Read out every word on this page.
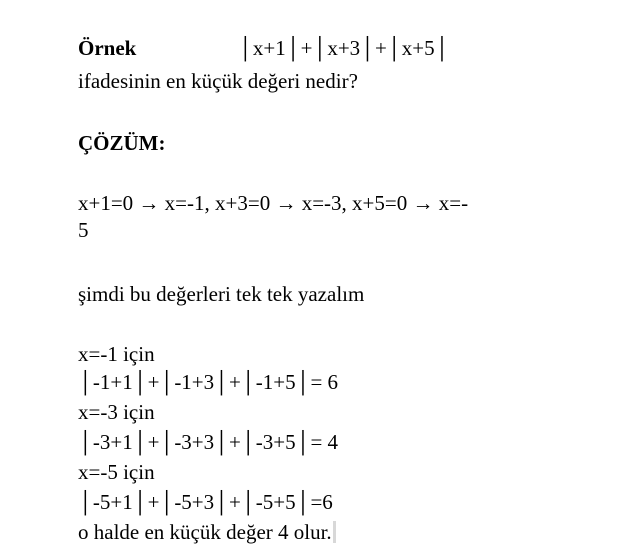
Örnek	│x+1│+│x+3│+│x+5│
ifadesinin en küçük değeri nedir?
ÇÖZÜM:
x+1=0 → x=-1, x+3=0 → x=-3, x+5=0 → x=-
5
şimdi bu değerleri tek tek yazalım
x=-1 için
│-1+1│+│-1+3│+│-1+5│= 6
x=-3 için
│-3+1│+│-3+3│+│-3+5│= 4
x=-5 için
│-5+1│+│-5+3│+│-5+5│=6
o halde en küçük değer 4 olur.
